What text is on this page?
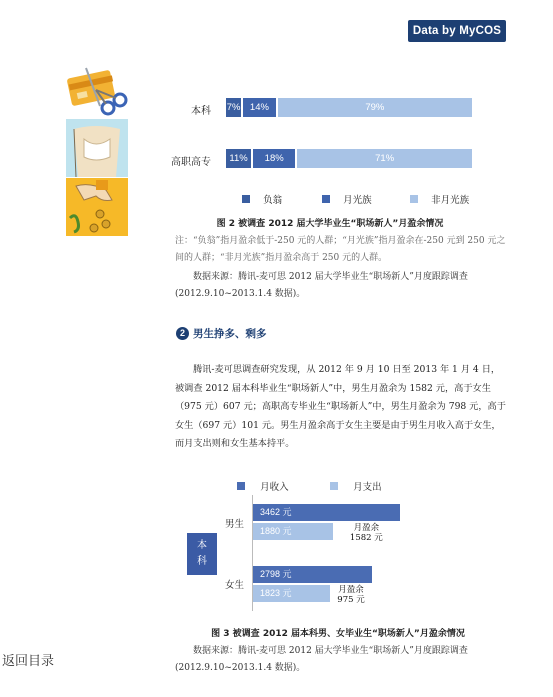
Data by MyCOS
本科
高职高专
7% 14%	79%
11%	18%	71%
负翁	月光族	非月光族
图 2 被调查 2012 届大学毕业生“职场新人”月盈余情况
注：“负翁”指月盈余低于-250 元的人群；“月光族”指月盈余在-250 元到 250 元之间的人群；“非月光族”指月盈余高于 250 元的人群。
数据来源：腾讯-麦可思 2012 届大学毕业生“职场新人”月度跟踪调查(2012.9.10~2013.1.4 数据)。
2 男生挣多、剩多
腾讯-麦可思调查研究发现，从 2012 年 9 月 10 日至 2013 年 1 月 4 日，被调查 2012 届本科毕业生“职场新人”中，男生月盈余为 1582 元，高于女生（975 元）607 元；高职高专毕业生“职场新人”中，男生月盈余为 798 元，高于女生（697 元）101 元。男生月盈余高于女生主要是由于男生月收入高于女生，而月支出则和女生基本持平。
月收入	月支出
本科
男生
女生
3462 元
1880 元	月盈余
1582 元
2798 元
1823 元	月盈余
975 元
图 3 被调查 2012 届本科男、女毕业生“职场新人”月盈余情况
数据来源：腾讯-麦可思 2012 届大学毕业生“职场新人”月度跟踪调查(2012.9.10~2013.1.4 数据)。
返回目录
